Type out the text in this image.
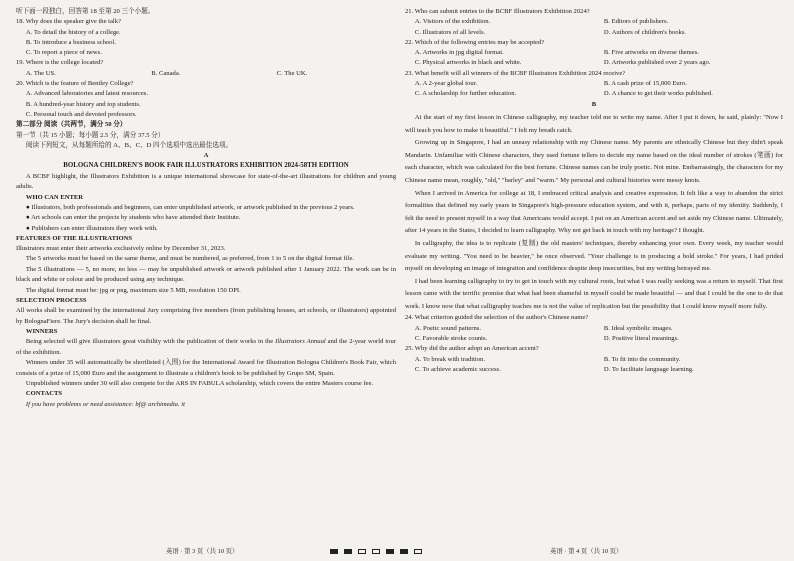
听下面一段独白，回答第 18 至第 20 三个小题。
18. Why does the speaker give the talk?
A. To detail the history of a college.
B. To introduce a business school.
C. To report a piece of news.
19. Where is the college located?
A. The US.	B. Canada.	C. The UK.
20. Which is the feature of Bentley College?
A. Advanced laboratories and latest resources.
B. A hundred-year history and top students.
C. Personal touch and devoted professors.
第二部分 阅读（共两节，满分 50 分）
第一节（共 15 小题；每小题 2.5 分，满分 37.5 分）
阅读下列短文，从每题所给的 A、B、C、D 四个选项中选出最佳选项。
A
BOLOGNA CHILDREN'S BOOK FAIR ILLUSTRATORS EXHIBITION 2024-58TH EDITION
A BCBF highlight, the Illustrators Exhibition is a unique international showcase for state-of-the-art illustrations for children and young adults.
WHO CAN ENTER
● Illustrators, both professionals and beginners, can enter unpublished artwork, or artwork published in the previous 2 years.
● Art schools can enter the projects by students who have attended their Institute.
● Publishers can enter illustrators they work with.
FEATURES OF THE ILLUSTRATIONS
Illustrators must enter their artworks exclusively online by December 31, 2023.
The 5 artworks must be based on the same theme, and must be numbered, as preferred, from 1 to 5 on the digital format file.
The 5 illustrations — 5, no more, no less — may be unpublished artwork or artwork published after 1 January 2022. The work can be in black and white or colour and be produced using any technique.
The digital format must be: jpg or png, maximum size 5 MB, resolution 150 DPI.
SELECTION PROCESS
All works shall be examined by the international Jury comprising five members (from publishing houses, art schools, or illustrators) appointed by BolognaFiere. The Jury's decision shall be final.
WINNERS
Being selected will give illustrators great visibility with the publication of their works in the Illustrators Annual and the 2-year world tour of the exhibition.
Winners under 35 will automatically be shortlisted (入围) for the International Award for Illustration Bologna Children's Book Fair, which consists of a prize of 15,000 Euro and the assignment to illustrate a children's book to be published by Grupo SM, Spain.
Unpublished winners under 30 will also compete for the ARS IN FABULA scholarship, which covers the entire Masters course fee.
CONTACTS
If you have problems or need assistance: bf@ archimedia. it
英语 · 第 3 页（共 10 页）
21. Who can submit entries to the BCBF Illustrators Exhibition 2024?
A. Visitors of the exhibition.	B. Editors of publishers.
C. Illustrators of all levels.	D. Authors of children's books.
22. Which of the following entries may be accepted?
A. Artworks in jpg digital format.	B. Five artworks on diverse themes.
C. Physical artworks in black and white.	D. Artworks published over 2 years ago.
23. What benefit will all winners of the BCBF Illustrators Exhibition 2024 receive?
A. A 2-year global tour.	B. A cash prize of 15,000 Euro.
C. A scholarship for further education.	D. A chance to get their works published.
B
At the start of my first lesson in Chinese calligraphy, my teacher told me to write my name. After I put it down, he said, plainly: "Now I will teach you how to make it beautiful." I felt my breath catch.
Growing up in Singapore, I had an uneasy relationship with my Chinese name. My parents are ethnically Chinese but they didn't speak Mandarin. Unfamiliar with Chinese characters, they used fortune tellers to decide my name based on the ideal number of strokes (笔画) for each character, which was calculated for the best fortune. Chinese names can be truly poetic. Not mine. Embarrassingly, the characters for my Chinese name mean, roughly, "old," "barley" and "warm." My personal and cultural histories were messy knots.
When I arrived in America for college at 18, I embraced critical analysis and creative expression. It felt like a way to abandon the strict formalities that defined my early years in Singapore's high-pressure education system, and with it, perhaps, parts of my identity. Suddenly, I felt the need to present myself in a way that Americans would accept. I put on an American accent and set aside my Chinese name. Ultimately, after 14 years in the States, I decided to learn calligraphy. Why not get back in touch with my heritage? I thought.
In calligraphy, the idea is to replicate (复制) the old masters' techniques, thereby enhancing your own. Every week, my teacher would evaluate my writing. "You need to be heavier," he once observed. "Your challenge is in producing a bold stroke." For years, I had prided myself on developing an image of integration and confidence despite deep insecurities, but my writing betrayed me.
I had been learning calligraphy to try to get in touch with my cultural roots, but what I was really seeking was a return to myself. That first lesson came with the terrific promise that what had been shameful in myself could be made beautiful — and that I could be the one to do that work. I know now that what calligraphy teaches me is not the value of replication but the possibility that I could know myself more fully.
24. What criterion guided the selection of the author's Chinese name?
A. Poetic sound patterns.	B. Ideal symbolic images.
C. Favorable stroke counts.	D. Positive literal meanings.
25. Why did the author adopt an American accent?
A. To break with tradition.	B. To fit into the community.
C. To achieve academic success.	D. To facilitate language learning.
英语 · 第 4 页（共 10 页）
